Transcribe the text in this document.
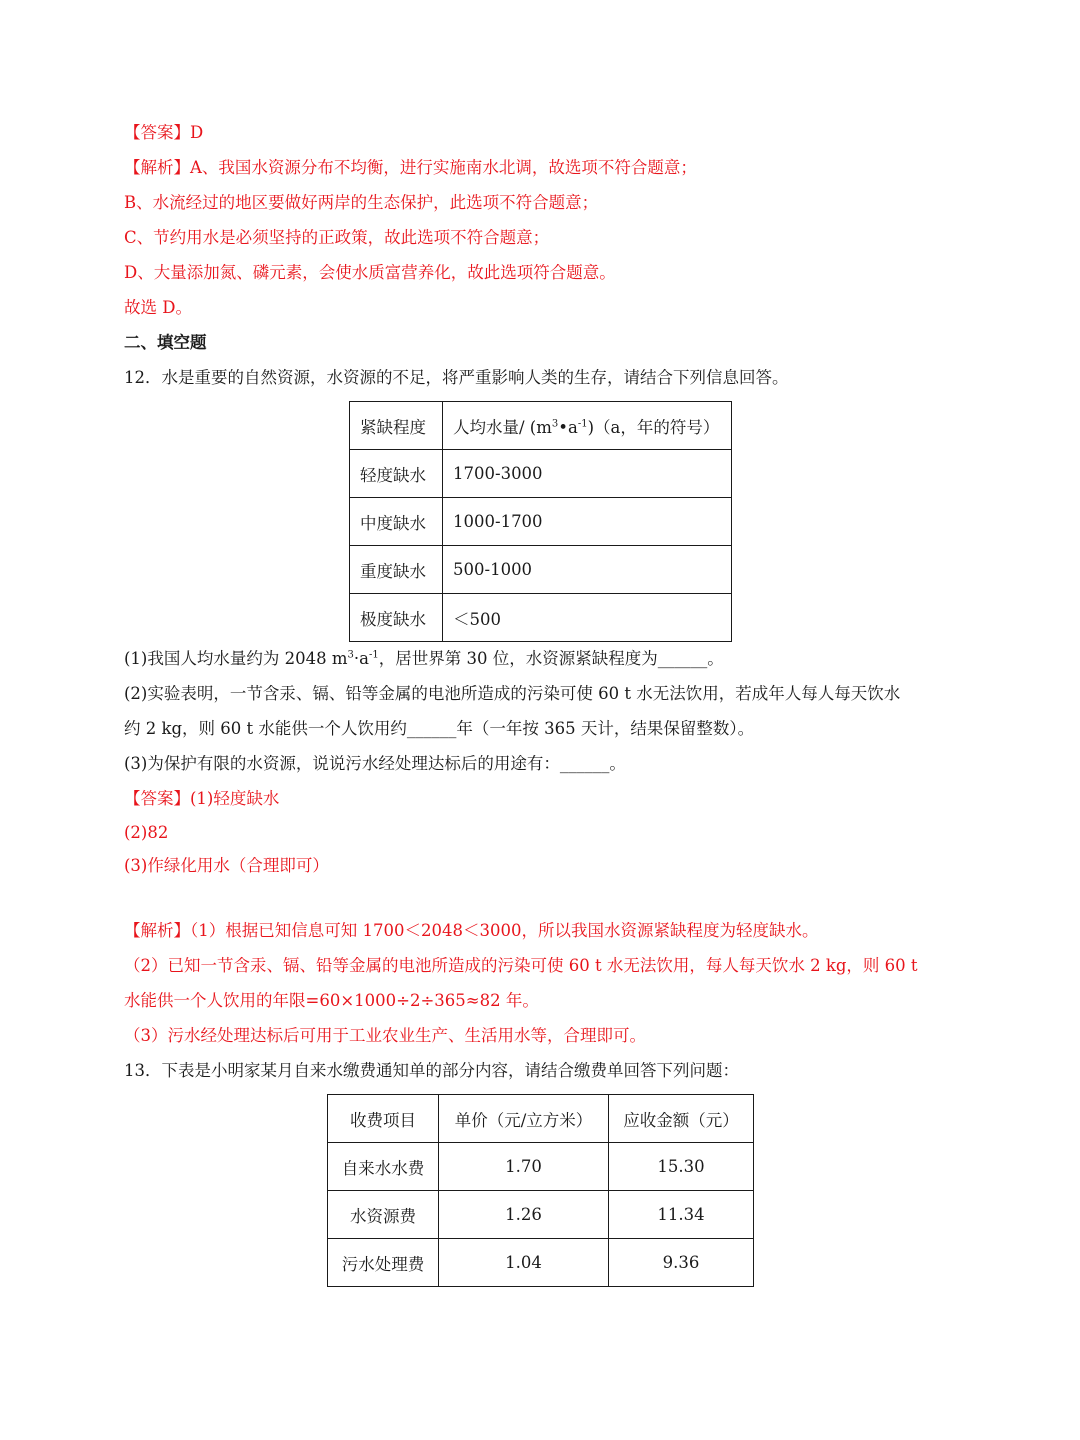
【答案】D
【解析】A、我国水资源分布不均衡，进行实施南水北调，故选项不符合题意；
B、水流经过的地区要做好两岸的生态保护，此选项不符合题意；
C、节约用水是必须坚持的正政策，故此选项不符合题意；
D、大量添加氮、磷元素，会使水质富营养化，故此选项符合题意。
故选 D。
二、填空题
12．水是重要的自然资源，水资源的不足，将严重影响人类的生存，请结合下列信息回答。
紧缺程度	人均水量/ $(m^3•a^{-1})(a$，年的符号）
轻度缺水	1700-3000
中度缺水	1000-1700
重度缺水	500-1000
极度缺水	＜500
(1)我国人均水量约为 2048 $m^3\cdot a^{-1}$，居世界第 30 位，水资源紧缺程度为______。
(2)实验表明，一节含汞、镉、铅等金属的电池所造成的污染可使 60 t 水无法饮用，若成年人每人每天饮水
约 2 kg，则 60 t 水能供一个人饮用约______年（一年按 365 天计，结果保留整数）。
(3)为保护有限的水资源，说说污水经处理达标后的用途有：______。
【答案】(1)轻度缺水
(2)82
(3)作绿化用水（合理即可）
【解析】（1）根据已知信息可知 1700＜2048＜3000，所以我国水资源紧缺程度为轻度缺水。
（2）已知一节含汞、镉、铅等金属的电池所造成的污染可使 60 t 水无法饮用，每人每天饮水 2 kg，则 60 t
水能供一个人饮用的年限=60×1000÷2÷365≈82 年。
（3）污水经处理达标后可用于工业农业生产、生活用水等，合理即可。
13．下表是小明家某月自来水缴费通知单的部分内容，请结合缴费单回答下列问题：
收费项目	单价（元/立方米）	应收金额（元）
自来水水费	1.70	15.30
水资源费	1.26	11.34
污水处理费	1.04	9.36
